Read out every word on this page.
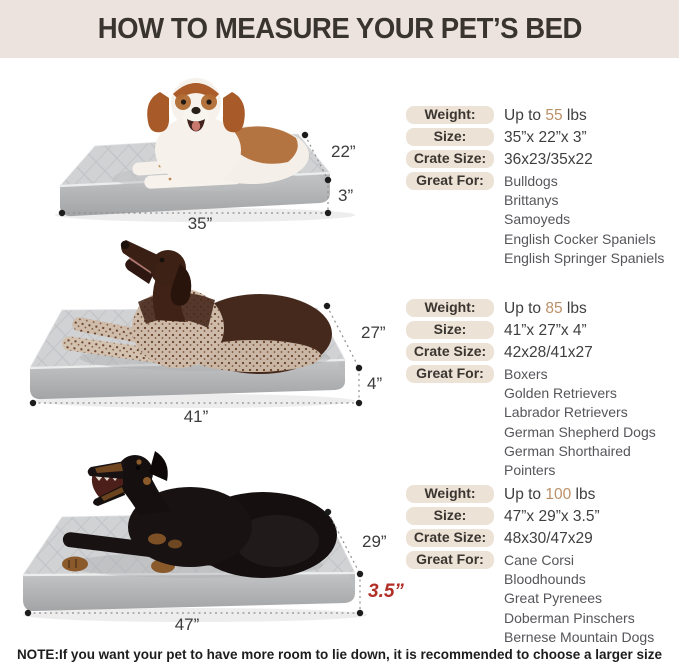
HOW TO MEASURE YOUR PET’S BED
22”
3”
35”
27”
4”
41”
29”
3.5”
47”
Weight:	Up to 55 lbs
Size:	35”x 22”x 3”
Crate Size:	36x23/35x22
Great For:	Bulldogs
Brittanys
Samoyeds
English Cocker Spaniels
English Springer Spaniels
Weight:	Up to 85 lbs
Size:	41”x 27”x 4”
Crate Size:	42x28/41x27
Great For:	Boxers
Golden Retrievers
Labrador Retrievers
German Shepherd Dogs
German Shorthaired Pointers
Weight:	Up to 100 lbs
Size:	47”x 29”x 3.5”
Crate Size:	48x30/47x29
Great For:	Cane Corsi
Bloodhounds
Great Pyrenees
Doberman Pinschers
Bernese Mountain Dogs
NOTE:If you want your pet to have more room to lie down, it is recommended to choose a larger size
